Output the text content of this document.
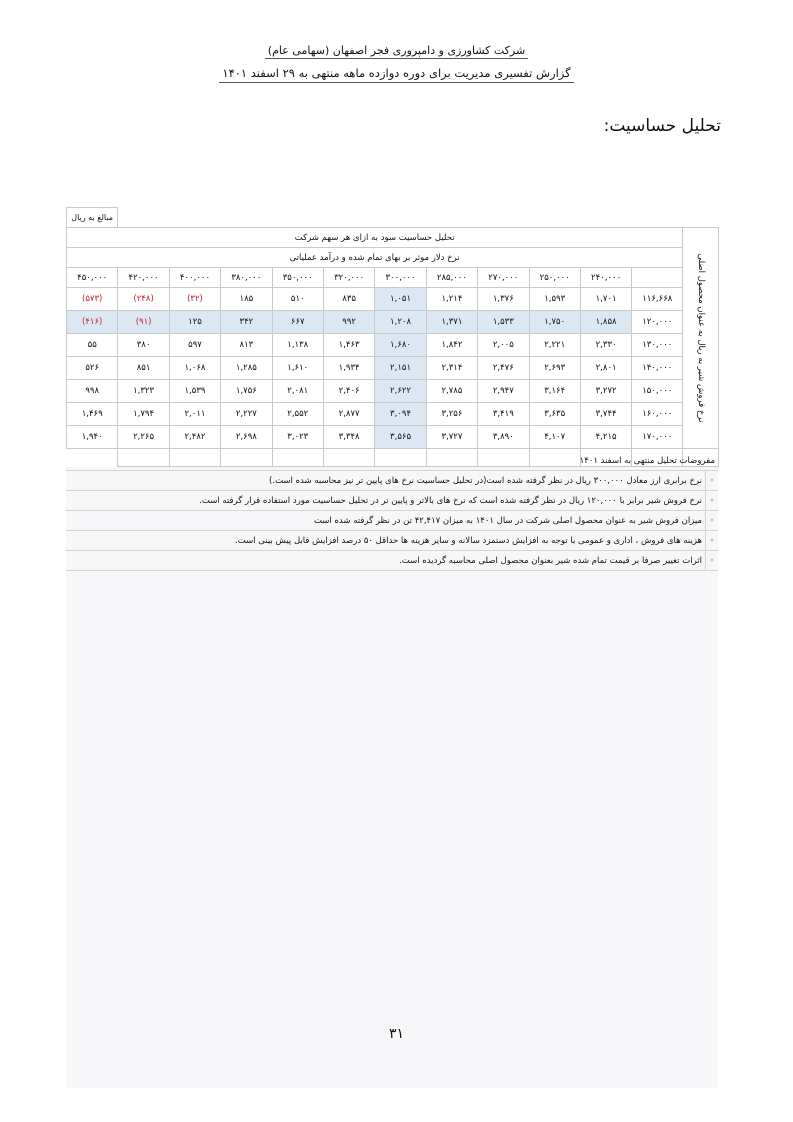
شرکت کشاورزی و دامپروری فجر اصفهان (سهامی عام)
گزارش تفسیری مدیریت برای دوره دوازده ماهه منتهی به ۲۹ اسفند ۱۴۰۱
تحلیل حساسیت:
												مبالغ به ریال

نرخ فروش شیر به ریال به عنوان محصول اصلی	تحلیل حساسیت سود به ازای هر سهم شرکت											
	نرخ دلار موثر بر بهای تمام شده و درآمد عملیاتی											
		۲۴۰,۰۰۰	۲۵۰,۰۰۰	۲۷۰,۰۰۰	۲۸۵,۰۰۰	۳۰۰,۰۰۰	۳۲۰,۰۰۰	۳۵۰,۰۰۰	۳۸۰,۰۰۰	۴۰۰,۰۰۰	۴۲۰,۰۰۰	۴۵۰,۰۰۰
	۱۱۶,۶۶۸	۱,۷۰۱	۱,۵۹۳	۱,۳۷۶	۱,۲۱۴	۱,۰۵۱	۸۳۵	۵۱۰	۱۸۵	(۳۲)	(۲۴۸)	(۵۷۳)
	۱۲۰,۰۰۰	۱,۸۵۸	۱,۷۵۰	۱,۵۳۳	۱,۳۷۱	۱,۲۰۸	۹۹۲	۶۶۷	۳۴۲	۱۲۵	(۹۱)	(۴۱۶)
	۱۳۰,۰۰۰	۲,۳۳۰	۲,۲۲۱	۲,۰۰۵	۱,۸۴۲	۱,۶۸۰	۱,۴۶۳	۱,۱۳۸	۸۱۳	۵۹۷	۳۸۰	۵۵
	۱۴۰,۰۰۰	۲,۸۰۱	۲,۶۹۳	۲,۴۷۶	۲,۳۱۴	۲,۱۵۱	۱,۹۳۴	۱,۶۱۰	۱,۲۸۵	۱,۰۶۸	۸۵۱	۵۲۶
	۱۵۰,۰۰۰	۳,۲۷۲	۳,۱۶۴	۲,۹۴۷	۲,۷۸۵	۲,۶۲۲	۲,۴۰۶	۲,۰۸۱	۱,۷۵۶	۱,۵۳۹	۱,۳۲۳	۹۹۸
	۱۶۰,۰۰۰	۳,۷۴۴	۳,۶۳۵	۳,۴۱۹	۳,۲۵۶	۳,۰۹۴	۲,۸۷۷	۲,۵۵۲	۲,۲۲۷	۲,۰۱۱	۱,۷۹۴	۱,۴۶۹
	۱۷۰,۰۰۰	۴,۲۱۵	۴,۱۰۷	۳,۸۹۰	۳,۷۲۷	۳,۵۶۵	۳,۳۴۸	۳,۰۲۳	۲,۶۹۸	۲,۴۸۲	۲,۲۶۵	۱,۹۴۰

مفروضات تحلیل منتهی به اسفند ۱۴۰۱	
◦	نرخ برابری ارز معادل ۳۰۰,۰۰۰ ریال در نظر گرفته شده است(در تحلیل حساسیت نرخ های پایین تر نیز محاسبه شده است.)
◦	نرخ فروش شیر برابر با ۱۲۰,۰۰۰ ریال در نظر گرفته شده است که نرخ های بالاتر و پایین تر در تحلیل حساسیت مورد استفاده قرار گرفته است.
◦	میزان فروش شیر به عنوان محصول اصلی شرکت در سال ۱۴۰۱ به میزان ۴۲,۴۱۷ تن در نظر گرفته شده است
◦	هزینه های فروش ، اداری و عمومی با توجه به افزایش دستمزد سالانه و سایر هزینه ها حداقل ۵۰ درصد افزایش قابل پیش بینی است.
◦	اثرات تغییر صرفا بر قیمت تمام شده شیر بعنوان محصول اصلی محاسبه گردیده است.
۳۱
